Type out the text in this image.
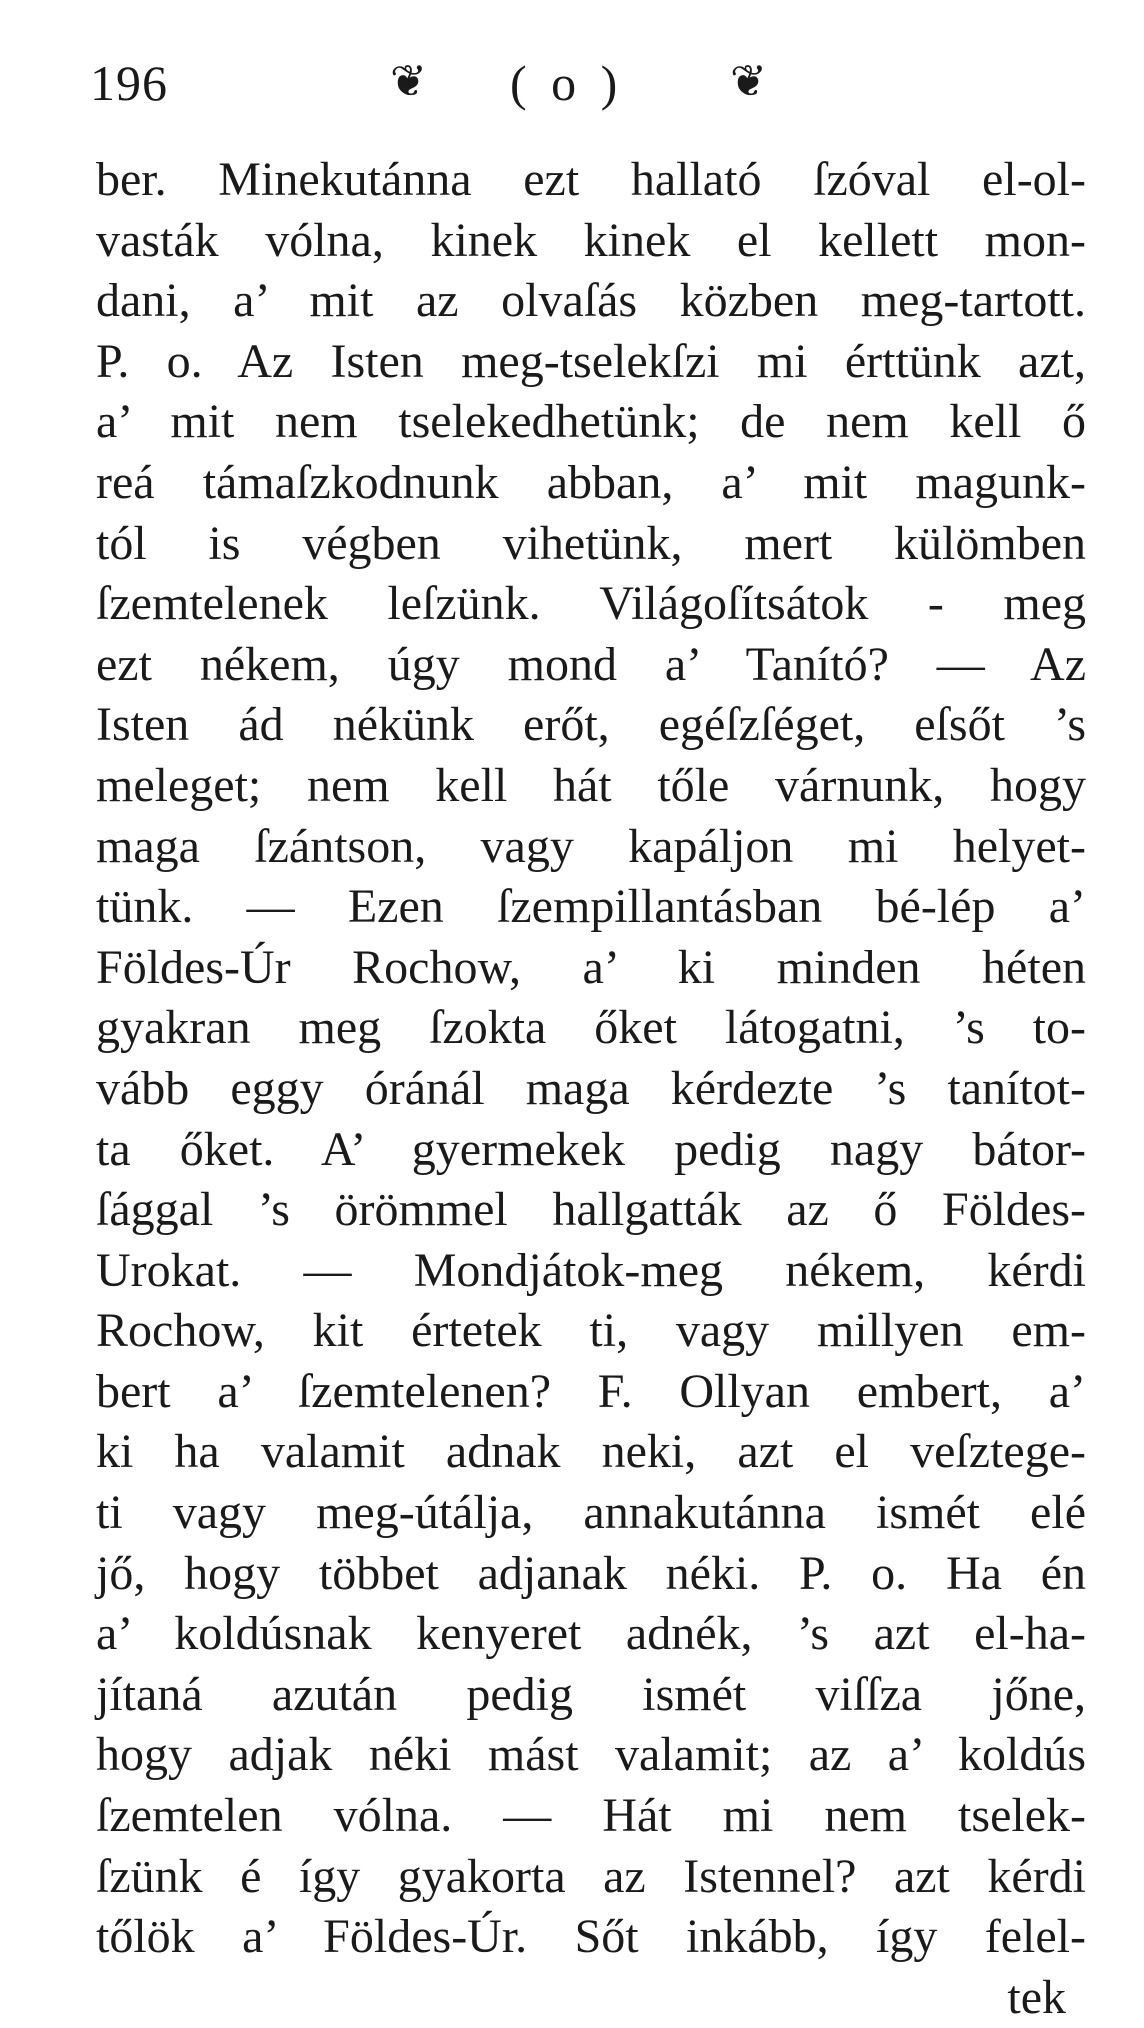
196	❦ ( o ) ❦
ber. Minekutánna ezt hallató ſzóval el-ol-
vasták vólna, kinek kinek el kellett mon-
dani, a’ mit az olvaſás közben meg-tartott.
P. o. Az Isten meg-tselekſzi mi érttünk azt,
a’ mit nem tselekedhetünk; de nem kell ő
reá támaſzkodnunk abban, a’ mit magunk-
tól is végben vihetünk, mert külömben
ſzemtelenek leſzünk. Világoſítsátok - meg
ezt nékem, úgy mond a’ Tanító? — Az
Isten ád nékünk erőt, egéſzſéget, eſsőt ’s
meleget; nem kell hát tőle várnunk, hogy
maga ſzántson, vagy kapáljon mi helyet-
tünk. — Ezen ſzempillantásban bé-lép a’
Földes-Úr Rochow, a’ ki minden héten
gyakran meg ſzokta őket látogatni, ’s to-
vább eggy óránál maga kérdezte ’s tanítot-
ta őket. A’ gyermekek pedig nagy bátor-
ſággal ’s örömmel hallgatták az ő Földes-
Urokat. — Mondjátok-meg nékem, kérdi
Rochow, kit értetek ti, vagy millyen em-
bert a’ ſzemtelenen? F. Ollyan embert, a’
ki ha valamit adnak neki, azt el veſztege-
ti vagy meg-útálja, annakutánna ismét elé
jő, hogy többet adjanak néki. P. o. Ha én
a’ koldúsnak kenyeret adnék, ’s azt el-ha-
jítaná azután pedig ismét viſſza jőne,
hogy adjak néki mást valamit; az a’ koldús
ſzemtelen vólna. — Hát mi nem tselek-
ſzünk é így gyakorta az Istennel? azt kérdi
tőlök a’ Földes-Úr. Sőt inkább, így felel-
tek
